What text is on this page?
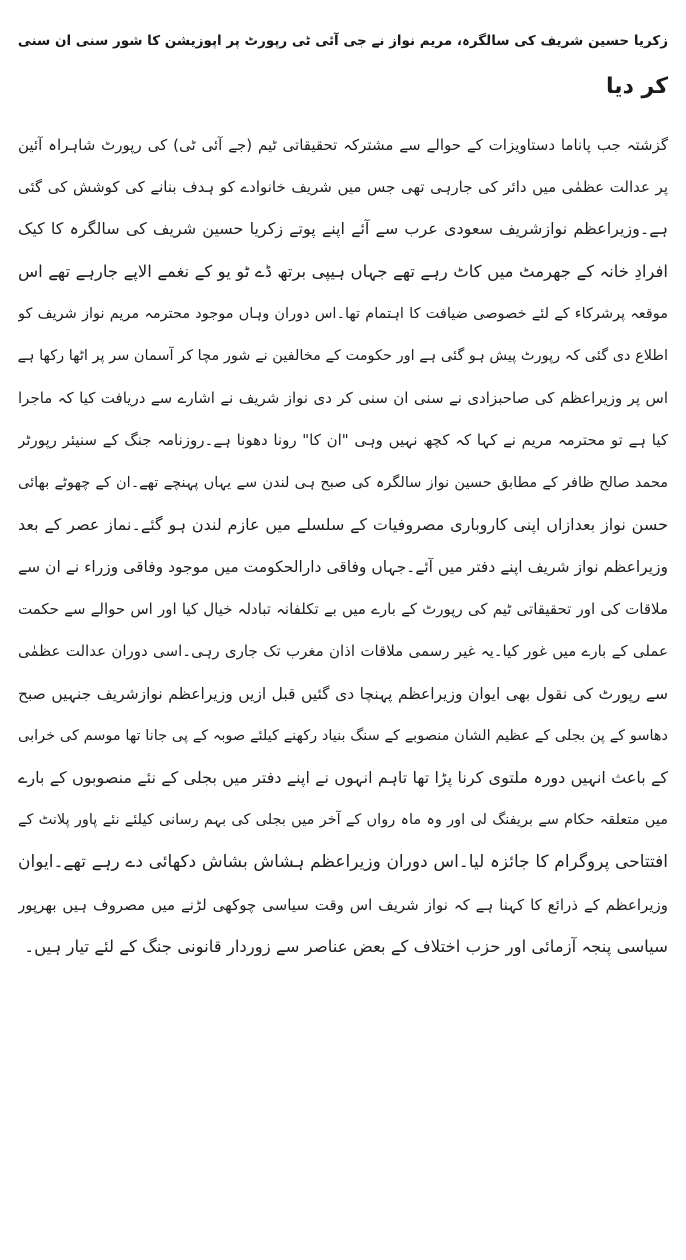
زکریا حسین شریف کی سالگرہ، مریم نواز نے جی آئی ٹی رپورٹ پر اپوزیشن کا شور سنی ان سنی
کر دیا
گزشتہ جب پاناما دستاویزات کے حوالے سے مشترکہ تحقیقاتی ٹیم (جے آئی ٹی) کی رپورٹ شاہراہ آئین
پر عدالت عظمٰی میں دائر کی جارہی تھی جس میں شریف خانوادے کو ہدف بنانے کی کوشش کی گئی
ہے۔وزیراعظم نوازشریف سعودی عرب سے آئے اپنے پوتے زکریا حسین شریف کی سالگرہ کا کیک
افرادِ خانہ کے جھرمٹ میں کاٹ رہے تھے جہاں ہیپی برتھ ڈے ٹو یو کے نغمے الاپے جارہے تھے اس
موقعہ پرشرکاء کے لئے خصوصی ضیافت کا اہتمام تھا۔اس دوران وہاں موجود محترمہ مریم نواز شریف کو
اطلاع دی گئی کہ رپورٹ پیش ہو گئی ہے اور حکومت کے مخالفین نے شور مچا کر آسمان سر پر اٹھا رکھا ہے
اس پر وزیراعظم کی صاحبزادی نے سنی ان سنی کر دی نواز شریف نے اشارے سے دریافت کیا کہ ماجرا
کیا ہے تو محترمہ مریم نے کہا کہ کچھ نہیں وہی "ان کا" رونا دھونا ہے۔روزنامہ جنگ کے سنیئر رپورٹر
محمد صالح ظافر کے مطابق حسین نواز سالگرہ کی صبح ہی لندن سے یہاں پہنچے تھے۔ان کے چھوٹے بھائی
حسن نواز بعدازاں اپنی کاروباری مصروفیات کے سلسلے میں عازم لندن ہو گئے۔نماز عصر کے بعد
وزیراعظم نواز شریف اپنے دفتر میں آئے۔جہاں وفاقی دارالحکومت میں موجود وفاقی وزراء نے ان سے
ملاقات کی اور تحقیقاتی ٹیم کی رپورٹ کے بارے میں بے تکلفانہ تبادلہ خیال کیا اور اس حوالے سے حکمت
عملی کے بارے میں غور کیا۔یہ غیر رسمی ملاقات اذان مغرب تک جاری رہی۔اسی دوران عدالت عظمٰی
سے رپورٹ کی نقول بھی ایوان وزیراعظم پہنچا دی گئیں قبل ازیں وزیراعظم نوازشریف جنہیں صبح
دھاسو کے پن بجلی کے عظیم الشان منصوبے کے سنگ بنیاد رکھنے کیلئے صوبہ کے پی جانا تھا موسم کی خرابی
کے باعث انہیں دورہ ملتوی کرنا پڑا تھا تاہم انہوں نے اپنے دفتر میں بجلی کے نئے منصوبوں کے بارے
میں متعلقہ حکام سے بریفنگ لی اور وہ ماہ رواں کے آخر میں بجلی کی بہم رسانی کیلئے نئے پاور پلانٹ کے
افتتاحی پروگرام کا جائزہ لیا۔اس دوران وزیراعظم ہشاش بشاش دکھائی دے رہے تھے۔ایوان
وزیراعظم کے ذرائع کا کہنا ہے کہ نواز شریف اس وقت سیاسی چوکھی لڑنے میں مصروف ہیں بھرپور
سیاسی پنجہ آزمائی اور حزب اختلاف کے بعض عناصر سے زوردار قانونی جنگ کے لئے تیار ہیں۔
